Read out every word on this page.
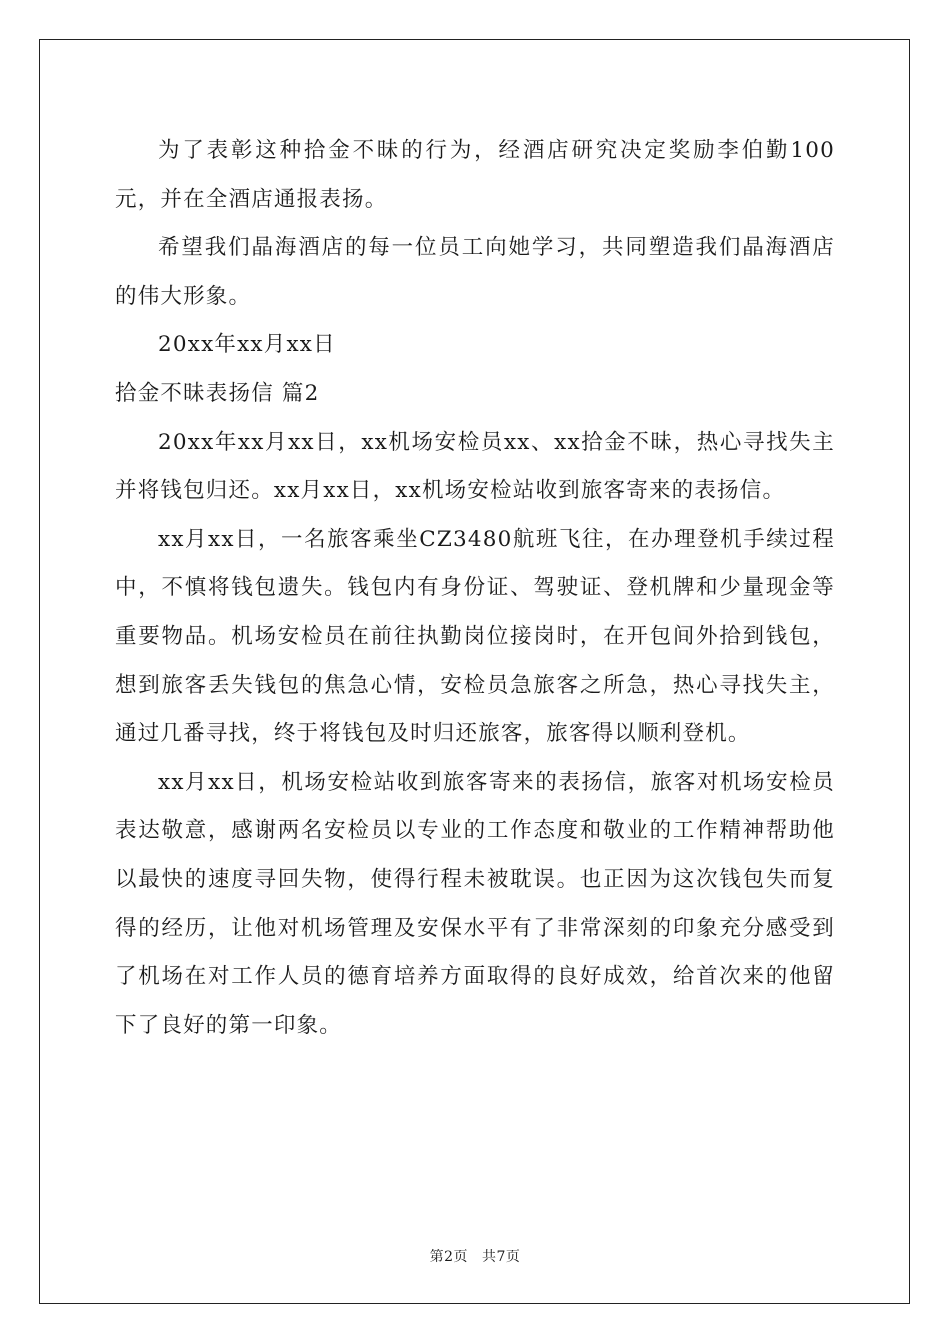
为了表彰这种拾金不昧的行为，经酒店研究决定奖励李伯勤100元，并在全酒店通报表扬。

希望我们晶海酒店的每一位员工向她学习，共同塑造我们晶海酒店的伟大形象。

20xx年xx月xx日

拾金不昧表扬信 篇2

20xx年xx月xx日，xx机场安检员xx、xx拾金不昧，热心寻找失主并将钱包归还。xx月xx日，xx机场安检站收到旅客寄来的表扬信。

xx月xx日，一名旅客乘坐CZ3480航班飞往，在办理登机手续过程中，不慎将钱包遗失。钱包内有身份证、驾驶证、登机牌和少量现金等重要物品。机场安检员在前往执勤岗位接岗时，在开包间外拾到钱包，想到旅客丢失钱包的焦急心情，安检员急旅客之所急，热心寻找失主，通过几番寻找，终于将钱包及时归还旅客，旅客得以顺利登机。

xx月xx日，机场安检站收到旅客寄来的表扬信，旅客对机场安检员表达敬意，感谢两名安检员以专业的工作态度和敬业的工作精神帮助他以最快的速度寻回失物，使得行程未被耽误。也正因为这次钱包失而复得的经历，让他对机场管理及安保水平有了非常深刻的印象充分感受到了机场在对工作人员的德育培养方面取得的良好成效，给首次来的他留下了良好的第一印象。

第2页 共7页
